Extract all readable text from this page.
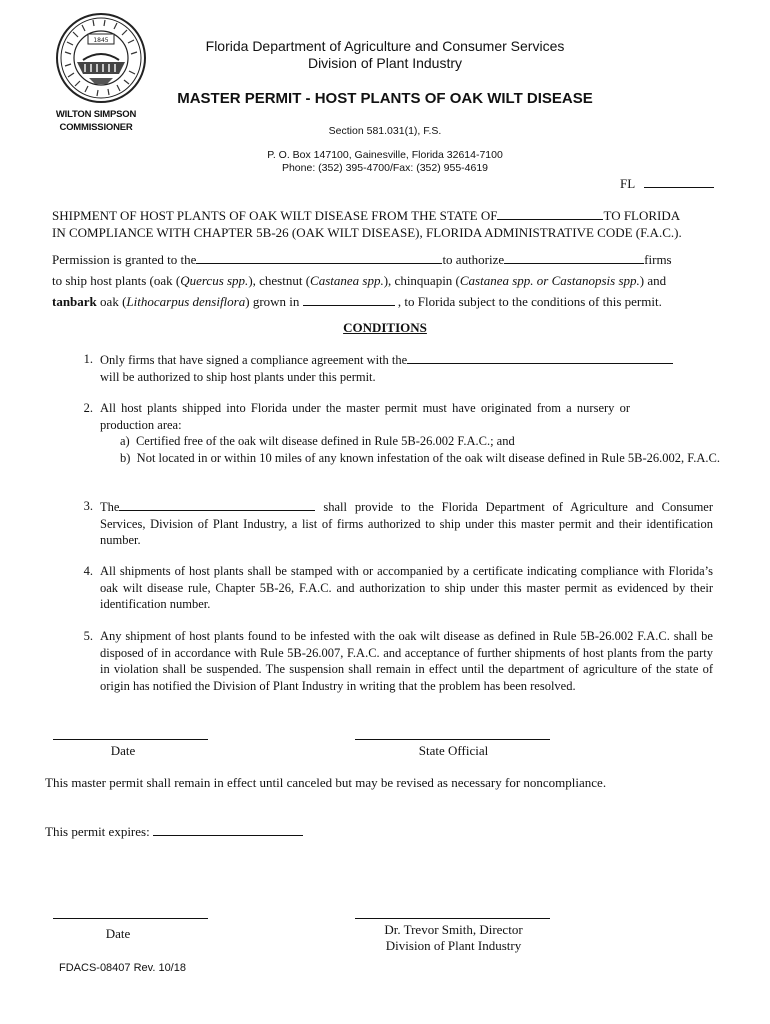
1845	Florida Department of Agriculture and Consumer Services
Division of Plant Industry
WILTON SIMPSON
COMMISSIONER
MASTER PERMIT - HOST PLANTS OF OAK WILT DISEASE
Section 581.031(1), F.S.
P. O. Box 147100, Gainesville, Florida 32614-7100
Phone: (352) 395-4700/Fax: (352) 955-4619
FL
SHIPMENT OF HOST PLANTS OF OAK WILT DISEASE FROM THE STATE OF	TO FLORIDA
IN COMPLIANCE WITH CHAPTER 5B-26 (OAK WILT DISEASE), FLORIDA ADMINISTRATIVE CODE (F.A.C.).
Permission is granted to the	to authorize	firms
to ship host plants (oak (Quercus spp.), chestnut (Castanea spp.), chinquapin (Castanea spp. or Castanopsis spp.) and
tanbark oak (Lithocarpus densiflora) grown in	, to Florida subject to the conditions of this permit.
CONDITIONS
1. Only firms that have signed a compliance agreement with the
will be authorized to ship host plants under this permit.
2. All host plants shipped into Florida under the master permit must have originated from a nursery or production area:
a)  Certified free of the oak wilt disease defined in Rule 5B-26.002 F.A.C.; and
b)  Not located in or within 10 miles of any known infestation of the oak wilt disease defined in Rule 5B-26.002, F.A.C.
3. The	shall provide to the Florida Department of Agriculture and Consumer Services, Division of Plant Industry, a list of firms authorized to ship under this master permit and their identification number.
4. All shipments of host plants shall be stamped with or accompanied by a certificate indicating compliance with Florida’s oak wilt disease rule, Chapter 5B-26, F.A.C. and authorization to ship under this master permit as evidenced by their identification number.
5. Any shipment of host plants found to be infested with the oak wilt disease as defined in Rule 5B-26.002 F.A.C. shall be disposed of in accordance with Rule 5B-26.007, F.A.C. and acceptance of further shipments of host plants from the party in violation shall be suspended. The suspension shall remain in effect until the department of agriculture of the state of origin has notified the Division of Plant Industry in writing that the problem has been resolved.
Date	State Official
This master permit shall remain in effect until canceled but may be revised as necessary for noncompliance.
This permit expires:
Date	Dr. Trevor Smith, Director
Division of Plant Industry
FDACS-08407 Rev. 10/18
